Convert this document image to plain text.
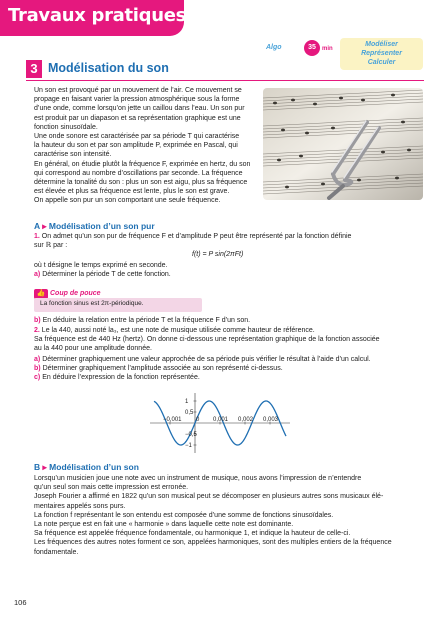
Travaux pratiques
Algo	35	min
Modéliser
Représenter
Calculer
3 Modélisation du son
Un son est provoqué par un mouvement de l’air. Ce mouvement se
propage en faisant varier la pression atmosphérique sous la forme
d’une onde, comme lorsqu’on jette un caillou dans l’eau. Un son pur
est produit par un diapason et sa représentation graphique est une
fonction sinusoïdale.
Une onde sonore est caractérisée par sa période T qui caractérise
la hauteur du son et par son amplitude P, exprimée en Pascal, qui
caractérise son intensité.
En général, on étudie plutôt la fréquence F, exprimée en hertz, du son
qui correspond au nombre d’oscillations par seconde. La fréquence
détermine la tonalité du son : plus un son est aigu, plus sa fréquence
est élevée et plus sa fréquence est lente, plus le son est grave.
On appelle son pur un son comportant une seule fréquence.
A ▸ Modélisation d’un son pur
1. On admet qu’un son pur de fréquence F et d’amplitude P peut être représenté par la fonction définie
sur ℝ par :
f(t) = P sin(2πFt)
où t désigne le temps exprimé en seconde.
a) Déterminer la période T de cette fonction.
👍 Coup de pouce
La fonction sinus est 2π-périodique.
b) En déduire la relation entre la période T et la fréquence F d’un son.
2. Le la 440, aussi noté la₃, est une note de musique utilisée comme hauteur de référence.
Sa fréquence est de 440 Hz (hertz). On donne ci-dessous une représentation graphique de la fonction associée
au la 440 pour une amplitude donnée.
a) Déterminer graphiquement une valeur approchée de sa période puis vérifier le résultat à l’aide d’un calcul.
b) Déterminer graphiquement l’amplitude associée au son représenté ci-dessus.
c) En déduire l’expression de la fonction représentée.
−0,001 0 0,001 0,002 0,003
1
0,5
−0,5
−1
B ▸ Modélisation d’un son
Lorsqu’un musicien joue une note avec un instrument de musique, nous avons l’impression de n’entendre
qu’un seul son mais cette impression est erronée.
Joseph Fourier a affirmé en 1822 qu’un son musical peut se décomposer en plusieurs autres sons musicaux élé-
mentaires appelés sons purs.
La fonction f représentant le son entendu est composée d’une somme de fonctions sinusoïdales.
La note perçue est en fait une « harmonie » dans laquelle cette note est dominante.
Sa fréquence est appelée fréquence fondamentale, ou harmonique 1, et indique la hauteur de celle-ci.
Les fréquences des autres notes forment ce son, appelées harmoniques, sont des multiples entiers de la fréquence
fondamentale.
106
